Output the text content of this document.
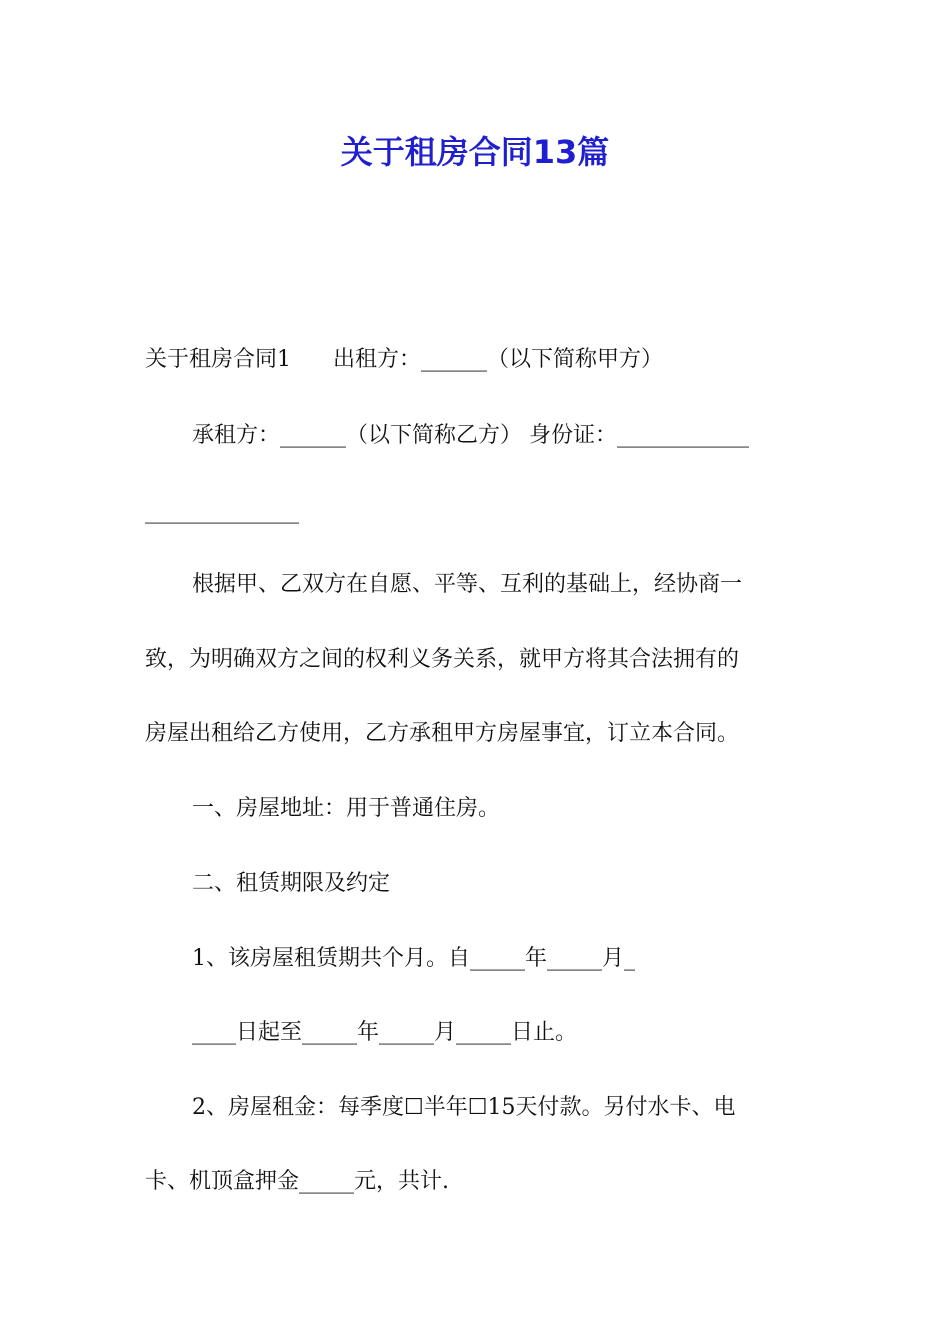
关于租房合同13篇

关于租房合同1      出租方：______（以下简称甲方）

承租方：______（以下简称乙方） 身份证：____________

______________

根据甲、乙双方在自愿、平等、互利的基础上，经协商一

致，为明确双方之间的权利义务关系，就甲方将其合法拥有的

房屋出租给乙方使用，乙方承租甲方房屋事宜，订立本合同。

一、房屋地址：用于普通住房。

二、租赁期限及约定

1、该房屋租赁期共个月。自_____年_____月_

____日起至_____年_____月_____日止。

2、房屋租金：每季度☐半年☐15天付款。另付水卡、电

卡、机顶盒押金_____元，共计.
